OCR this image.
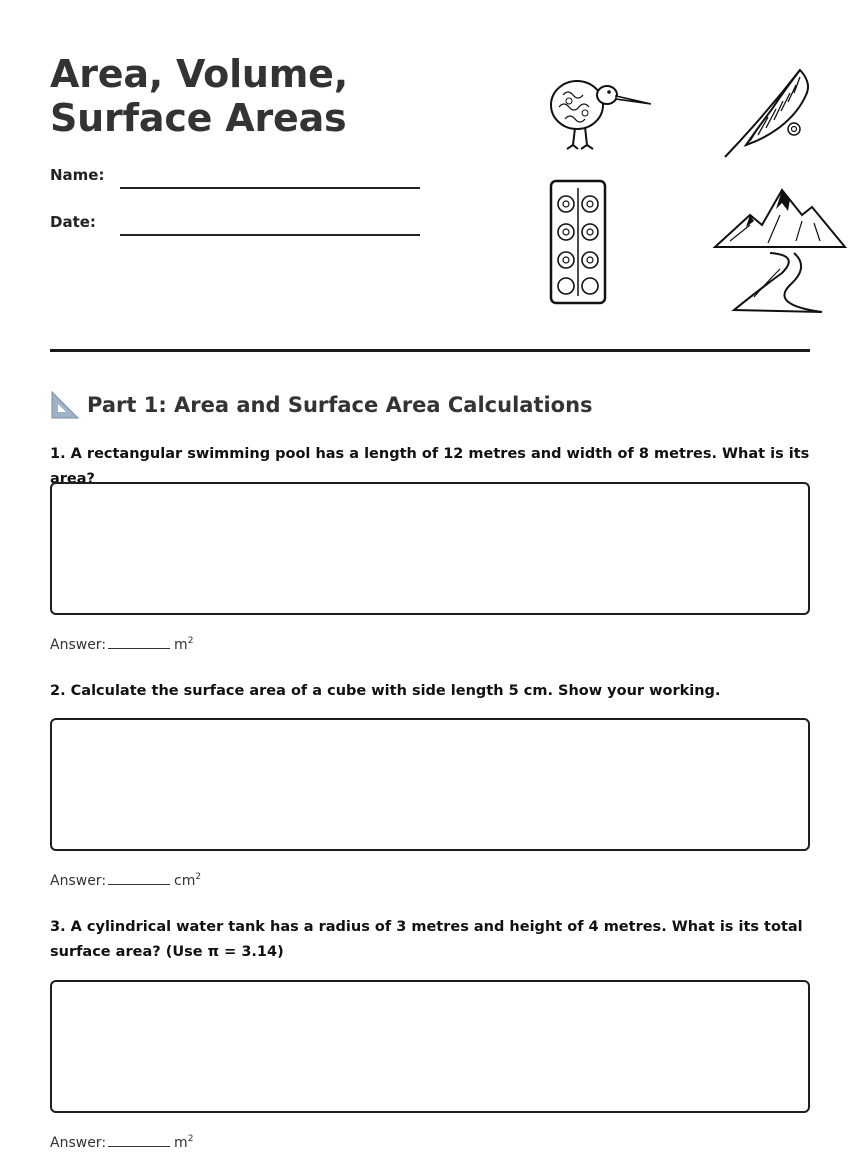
Area, Volume, Surface Areas
Name:
Date:
Part 1: Area and Surface Area Calculations
1. A rectangular swimming pool has a length of 12 metres and width of 8 metres. What is its area?
Answer:	$m^2$
2. Calculate the surface area of a cube with side length 5 cm. Show your working.
Answer:	$cm^2$
3. A cylindrical water tank has a radius of 3 metres and height of 4 metres. What is its total surface area? (Use π = 3.14)
Answer:	$m^2$
